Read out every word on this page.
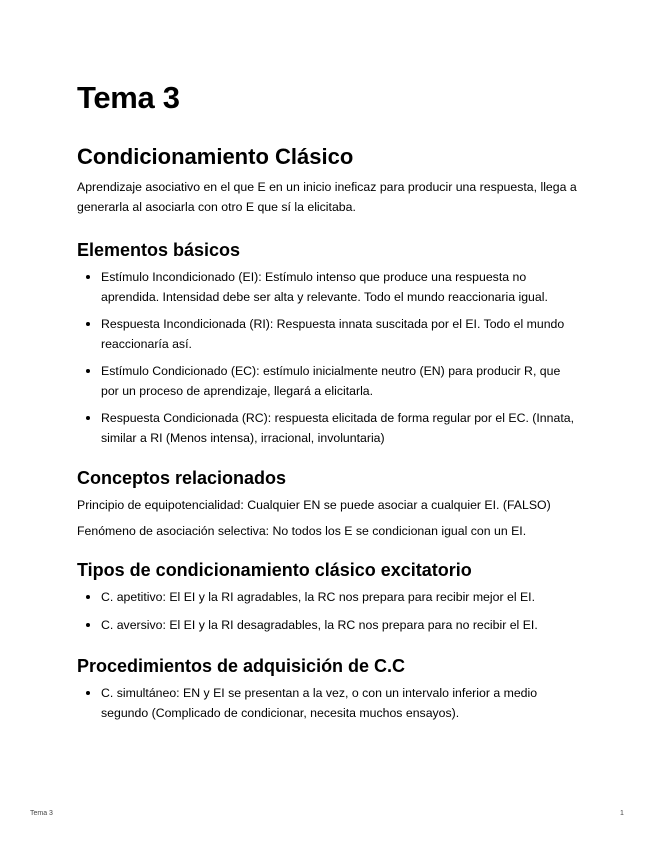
Tema 3
Condicionamiento Clásico

Aprendizaje asociativo en el que E en un inicio ineficaz para producir una respuesta, llega a generarla al asociarla con otro E que sí la elicitaba.

Elementos básicos
Estímulo Incondicionado (EI): Estímulo intenso que produce una respuesta no aprendida. Intensidad debe ser alta y relevante. Todo el mundo reaccionaria igual.
Respuesta Incondicionada (RI): Respuesta innata suscitada por el EI. Todo el mundo reaccionaría así.
Estímulo Condicionado (EC): estímulo inicialmente neutro (EN) para producir R, que por un proceso de aprendizaje, llegará a elicitarla.
Respuesta Condicionada (RC): respuesta elicitada de forma regular por el EC. (Innata, similar a RI (Menos intensa), irracional, involuntaria)
Conceptos relacionados

Principio de equipotencialidad: Cualquier EN se puede asociar a cualquier EI. (FALSO)

Fenómeno de asociación selectiva: No todos los E se condicionan igual con un EI.

Tipos de condicionamiento clásico excitatorio
C. apetitivo: El EI y la RI agradables, la RC nos prepara para recibir mejor el EI.
C. aversivo: El EI y la RI desagradables, la RC nos prepara para no recibir el EI.
Procedimientos de adquisición de C.C
C. simultáneo: EN y EI se presentan a la vez, o con un intervalo inferior a medio segundo (Complicado de condicionar, necesita muchos ensayos).
Tema 3	1
